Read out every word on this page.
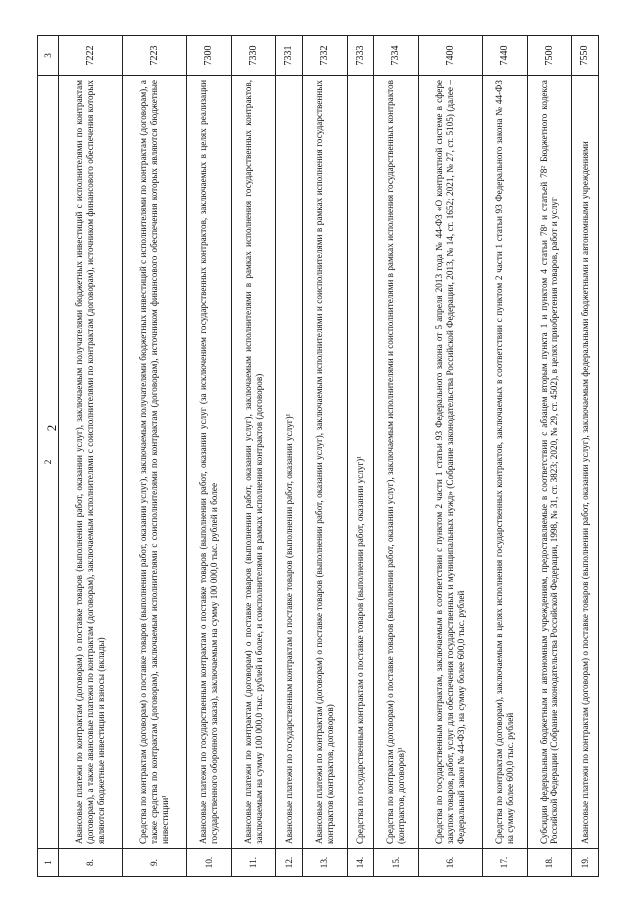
2
1	2	3
8.	Авансовые платежи по контрактам (договорам) о поставке товаров (выполнении работ, оказании услуг), заключаемым получателями бюджетных инвестиций с исполнителями по контрактам (договорам), а также авансовые платежи по контрактам (договорам), заключаемым исполнителями с соисполнителями по контрактам (договорам), источником финансового обеспечения которых являются бюджетные инвестиции и взносы (вклады)	7222
9.	Средства по контрактам (договорам) о поставке товаров (выполнении работ, оказании услуг), заключаемым получателями бюджетных инвестиций с исполнителями по контрактам (договорам), а также средства по контрактам (договорам), заключаемым исполнителями с соисполнителями по контрактам (договорам), источником финансового обеспечения которых являются бюджетные инвестиции¹	7223
10.	Авансовые платежи по государственным контрактам о поставке товаров (выполнении работ, оказании услуг (за исключением государственных контрактов, заключаемых в целях реализации государственного оборонного заказа), заключаемым на сумму 100 000,0 тыс. рублей и более	7300
11.	Авансовые платежи по контрактам (договорам) о поставке товаров (выполнении работ, оказании услуг), заключаемым исполнителями в рамках исполнения государственных контрактов, заключаемым на сумму 100 000,0 тыс. рублей и более, и соисполнителями в рамках исполнения контрактов (договоров)	7330
12.	Авансовые платежи по государственным контрактам о поставке товаров (выполнении работ, оказании услуг)¹	7331
13.	Авансовые платежи по контрактам (договорам) о поставке товаров (выполнении работ, оказании услуг), заключаемым исполнителями и соисполнителями в рамках исполнения государственных контрактов (контрактов, договоров)	7332
14.	Средства по государственным контрактам о поставке товаров (выполнении работ, оказании услуг)¹	7333
15.	Средства по контрактам (договорам) о поставке товаров (выполнении работ, оказании услуг), заключаемым исполнителями и соисполнителями в рамках исполнения государственных контрактов (контрактов, договоров)¹	7334
16.	Средства по государственным контрактам, заключаемым в соответствии с пунктом 2 части 1 статьи 93 Федерального закона от 5 апреля 2013 года № 44-ФЗ «О контрактной системе в сфере закупок товаров, работ, услуг для обеспечения государственных и муниципальных нужд» (Собрание законодательства Российской Федерации, 2013, № 14, ст. 1652; 2021, № 27, ст. 5105) (далее – Федеральный закон № 44-ФЗ), на сумму более 600,0 тыс. рублей	7400
17.	Средства по контрактам (договорам), заключаемым в целях исполнения государственных контрактов, заключаемых в соответствии с пунктом 2 части 1 статьи 93 Федерального закона № 44-ФЗ на сумму более 600,0 тыс. рублей	7440
18.	Субсидии федеральным бюджетным и автономным учреждениям, предоставляемые в соответствии с абзацем вторым пункта 1 и пунктом 4 статьи 78¹ и статьей 78² Бюджетного кодекса Российской Федерации (Собрание законодательства Российской Федерации, 1998, № 31, ст. 3823; 2020, № 29, ст. 4502), в целях приобретения товаров, работ и услуг	7500
19.	Авансовые платежи по контрактам (договорам) о поставке товаров (выполнении работ, оказании услуг), заключаемым федеральными бюджетными и автономными учреждениями	7550
